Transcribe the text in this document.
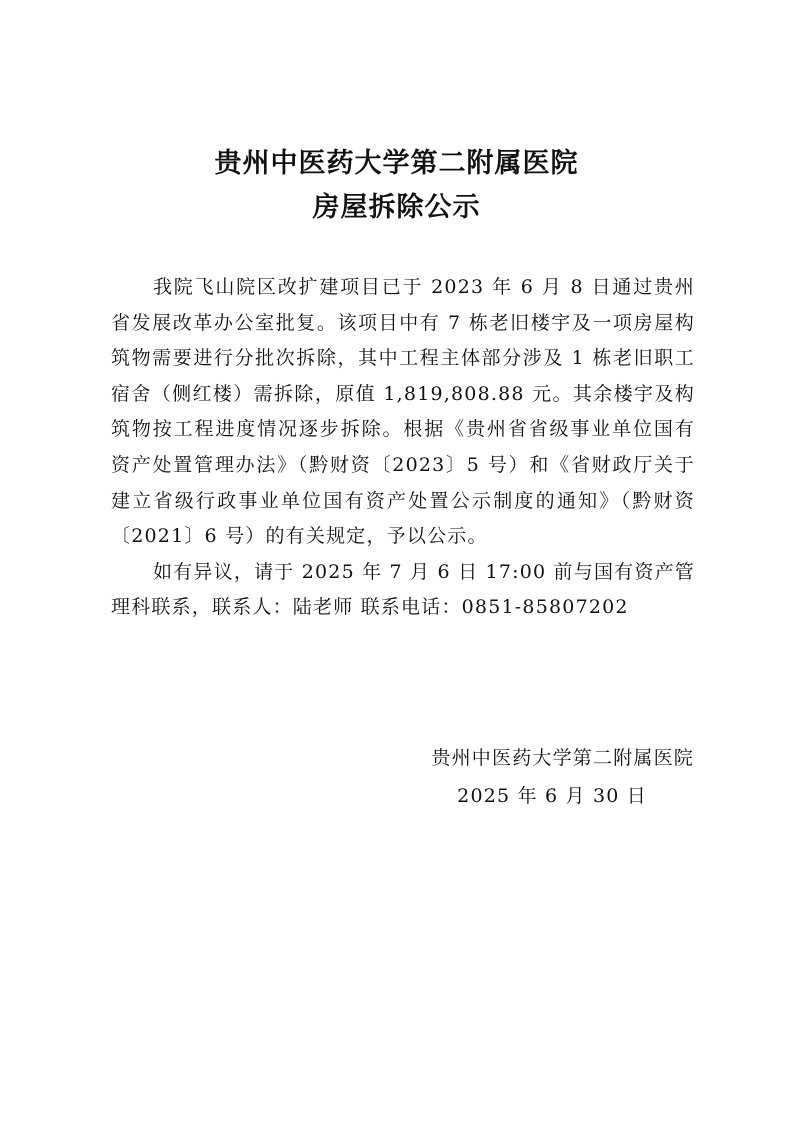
贵州中医药大学第二附属医院
房屋拆除公示

我院飞山院区改扩建项目已于 2023 年 6 月 8 日通过贵州省发展改革办公室批复。该项目中有 7 栋老旧楼宇及一项房屋构筑物需要进行分批次拆除，其中工程主体部分涉及 1 栋老旧职工宿舍（侧红楼）需拆除，原值 1,819,808.88 元。其余楼宇及构筑物按工程进度情况逐步拆除。根据《贵州省省级事业单位国有资产处置管理办法》（黔财资〔2023〕5 号）和《省财政厅关于建立省级行政事业单位国有资产处置公示制度的通知》（黔财资〔2021〕6 号）的有关规定，予以公示。

如有异议，请于 2025 年 7 月 6 日 17:00 前与国有资产管理科联系，联系人：陆老师 联系电话：0851-85807202

贵州中医药大学第二附属医院
2025 年 6 月 30 日
